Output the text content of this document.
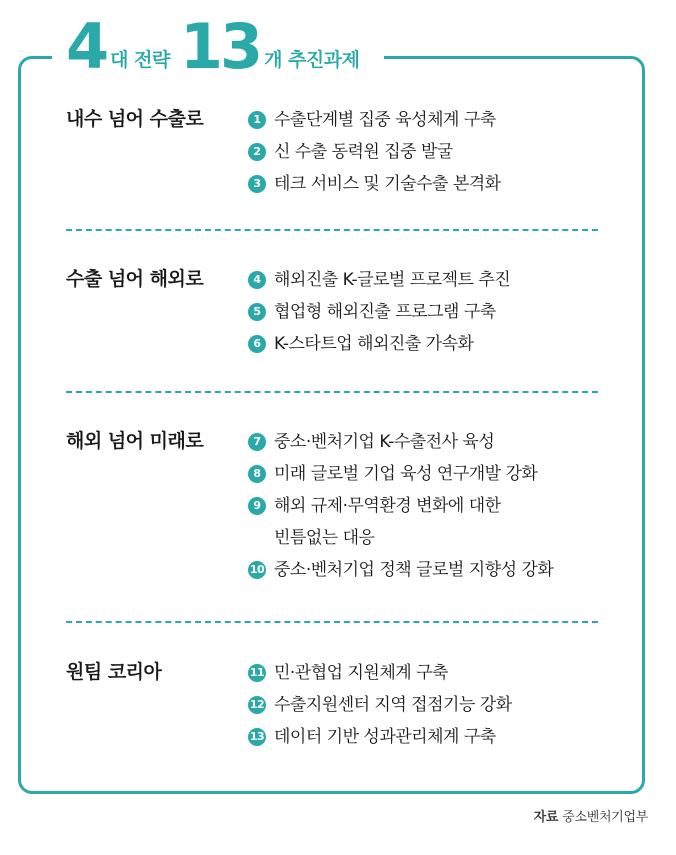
4 대 전략 13 개 추진과제
내수 넘어 수출로	1 수출단계별 집중 육성체계 구축
2 신 수출 동력원 집중 발굴
3 테크 서비스 및 기술수출 본격화
수출 넘어 해외로	4 해외진출 K-글로벌 프로젝트 추진
5 협업형 해외진출 프로그램 구축
6 K-스타트업 해외진출 가속화
해외 넘어 미래로	7 중소·벤처기업 K-수출전사 육성
8 미래 글로벌 기업 육성 연구개발 강화
9 해외 규제·무역환경 변화에 대한
빈틈없는 대응
10 중소·벤처기업 정책 글로벌 지향성 강화
원팀 코리아	11 민·관협업 지원체계 구축
12 수출지원센터 지역 접점기능 강화
13 데이터 기반 성과관리체계 구축
자료 중소벤처기업부
